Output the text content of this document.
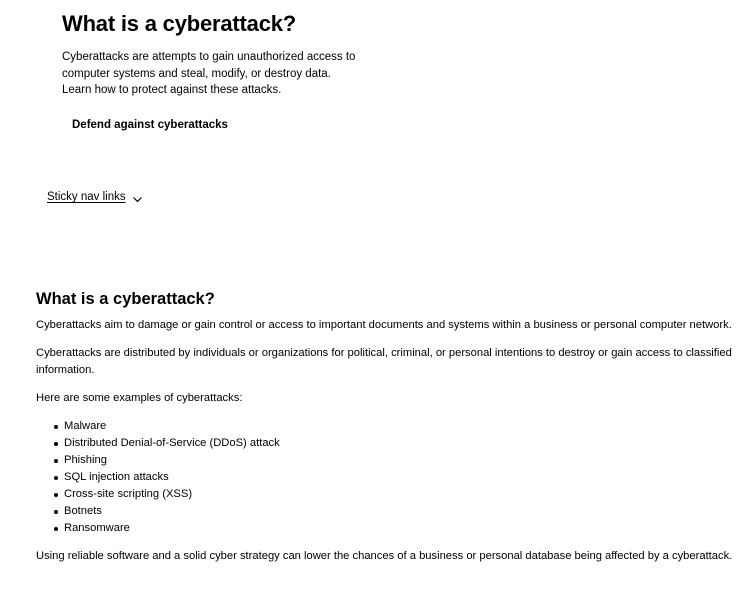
What is a cyberattack?

Cyberattacks are attempts to gain unauthorized access to computer systems and steal, modify, or destroy data. Learn how to protect against these attacks.

Defend against cyberattacks
Sticky nav links
What is a cyberattack?

Cyberattacks aim to damage or gain control or access to important documents and systems within a business or personal computer network.

Cyberattacks are distributed by individuals or organizations for political, criminal, or personal intentions to destroy or gain access to classified information.

Here are some examples of cyberattacks:

Malware
Distributed Denial-of-Service (DDoS) attack
Phishing
SQL injection attacks
Cross-site scripting (XSS)
Botnets
Ransomware

Using reliable software and a solid cyber strategy can lower the chances of a business or personal database being affected by a cyberattack.
